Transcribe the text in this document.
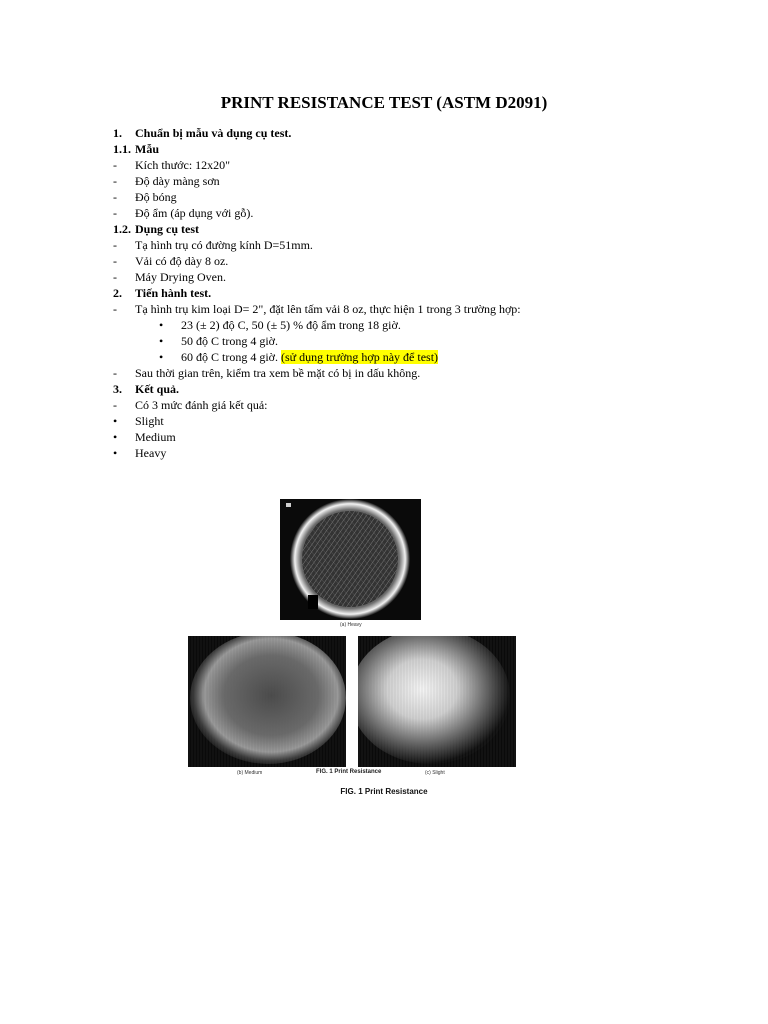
PRINT RESISTANCE TEST (ASTM D2091)
1. Chuẩn bị mẫu và dụng cụ test.
1.1. Mẫu
- Kích thước: 12x20"
- Độ dày màng sơn
- Độ bóng
- Độ ẩm (áp dụng với gỗ).
1.2. Dụng cụ test
- Tạ hình trụ có đường kính D=51mm.
- Vải có độ dày 8 oz.
- Máy Drying Oven.
2. Tiến hành test.
- Tạ hình trụ kim loại D= 2", đặt lên tấm vải 8 oz, thực hiện 1 trong 3 trường hợp:
• 23 (± 2) độ C, 50 (± 5) % độ ẩm trong 18 giờ.
• 50 độ C trong 4 giờ.
• 60 độ C trong 4 giờ. (sử dụng trường hợp này để test)
- Sau thời gian trên, kiểm tra xem bề mặt có bị in dấu không.
3. Kết quả.
- Có 3 mức đánh giá kết quả:
• Slight
• Medium
• Heavy
(a) Heavy
(b) Medium	(c) Slight
FIG. 1 Print Resistance
FIG. 1 Print Resistance
